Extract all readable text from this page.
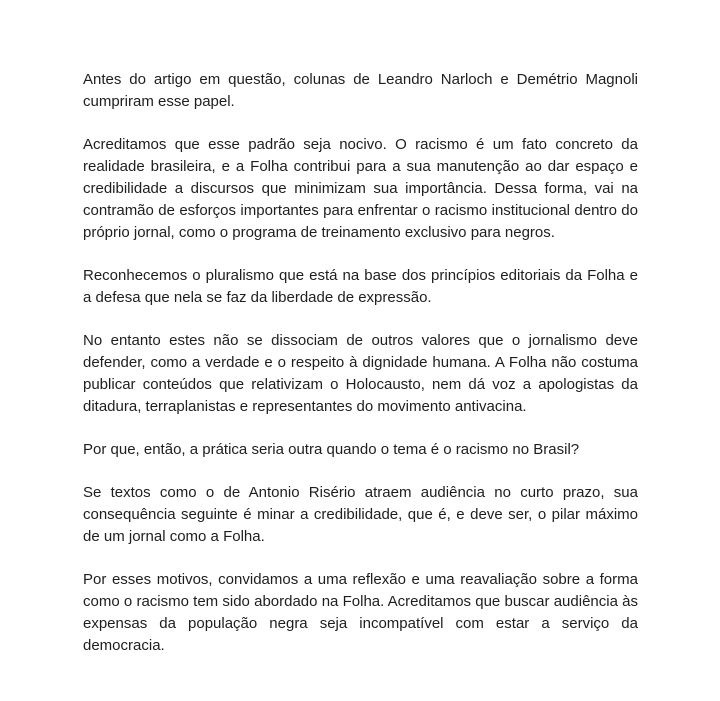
Antes do artigo em questão, colunas de Leandro Narloch e Demétrio Magnoli cumpriram esse papel.

Acreditamos que esse padrão seja nocivo. O racismo é um fato concreto da realidade brasileira, e a Folha contribui para a sua manutenção ao dar espaço e credibilidade a discursos que minimizam sua importância. Dessa forma, vai na contramão de esforços importantes para enfrentar o racismo institucional dentro do próprio jornal, como o programa de treinamento exclusivo para negros.

Reconhecemos o pluralismo que está na base dos princípios editoriais da Folha e a defesa que nela se faz da liberdade de expressão.

No entanto estes não se dissociam de outros valores que o jornalismo deve defender, como a verdade e o respeito à dignidade humana. A Folha não costuma publicar conteúdos que relativizam o Holocausto, nem dá voz a apologistas da ditadura, terraplanistas e representantes do movimento antivacina.

Por que, então, a prática seria outra quando o tema é o racismo no Brasil?

Se textos como o de Antonio Risério atraem audiência no curto prazo, sua consequência seguinte é minar a credibilidade, que é, e deve ser, o pilar máximo de um jornal como a Folha.

Por esses motivos, convidamos a uma reflexão e uma reavaliação sobre a forma como o racismo tem sido abordado na Folha. Acreditamos que buscar audiência às expensas da população negra seja incompatível com estar a serviço da democracia.
